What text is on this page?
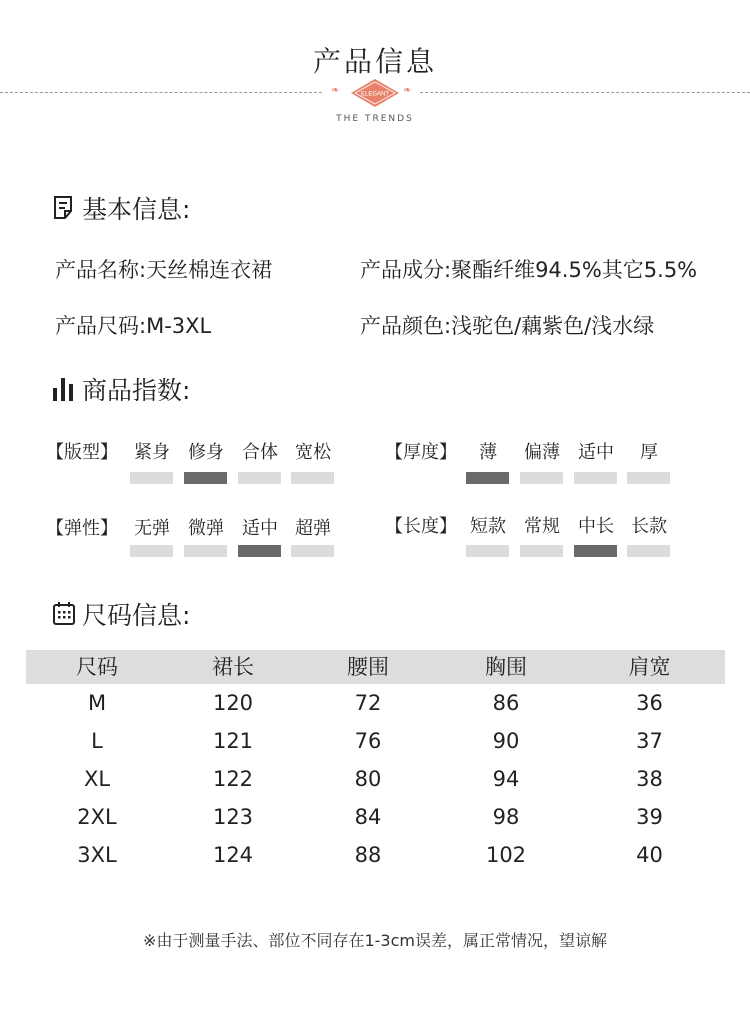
产品信息
❧	❧
ELEGANT
THE TRENDS
基本信息:
产品名称:天丝棉连衣裙	产品成分:聚酯纤维94.5%其它5.5%
产品尺码:M-3XL	产品颜色:浅驼色/藕紫色/浅水绿
商品指数:
【版型】 紧身 修身 合体 宽松	【厚度】	薄	偏薄 适中	厚
【弹性】 无弹 微弹 适中 超弹	【长度】 短款 常规 中长 长款
尺码信息:
尺码	裙长	腰围	胸围	肩宽
M	120	72	86	36
L	121	76	90	37
XL	122	80	94	38
2XL	123	84	98	39
3XL	124	88	102	40
※由于测量手法、部位不同存在1-3cm误差，属正常情况，望谅解
